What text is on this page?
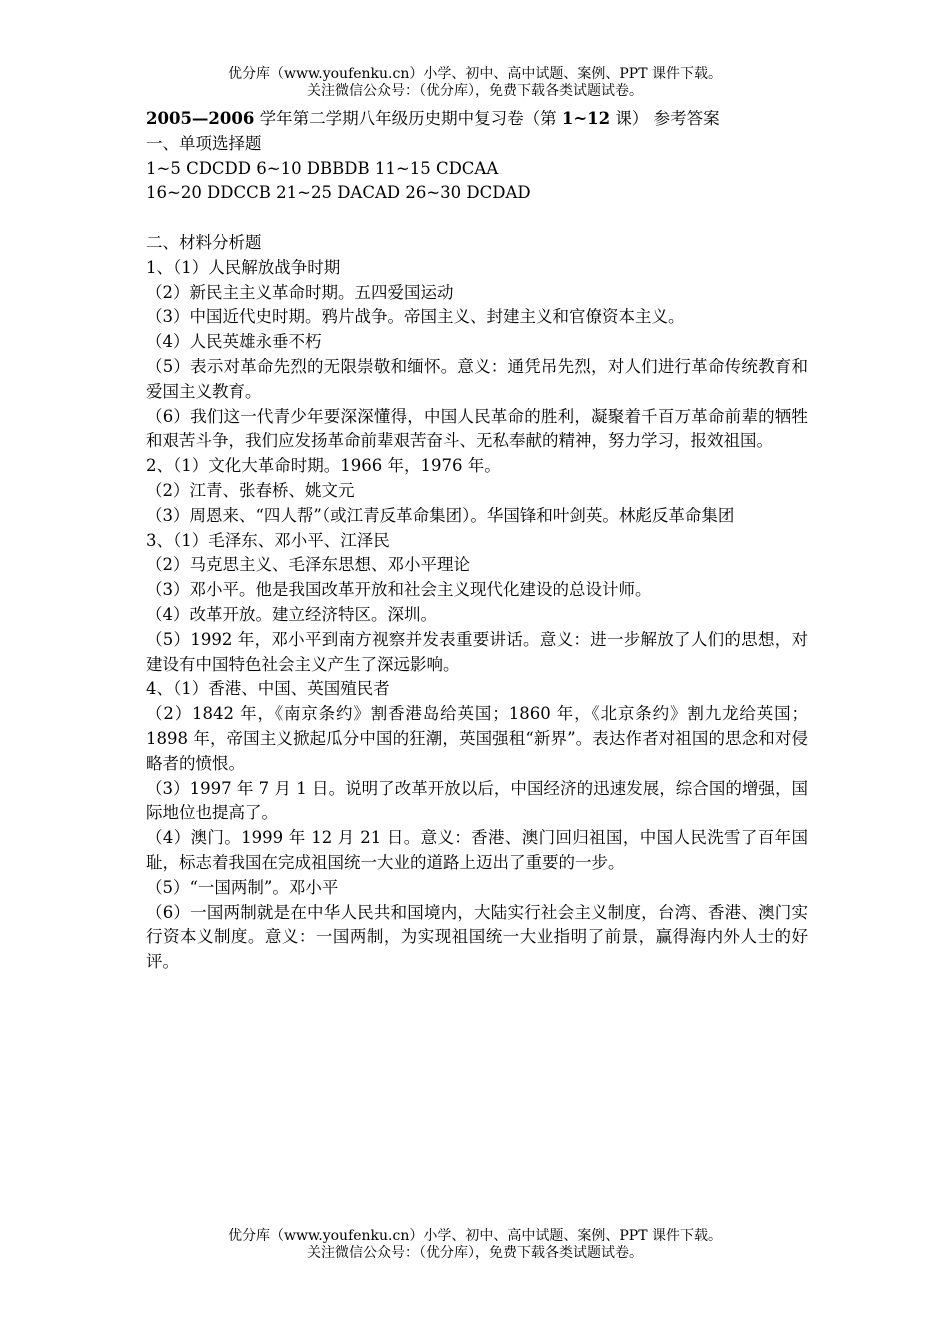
优分库（www.youfenku.cn）小学、初中、高中试题、案例、PPT 课件下载。
关注微信公众号：（优分库），免费下载各类试题试卷。

2005—2006 学年第二学期八年级历史期中复习卷（第 1~12 课） 参考答案

一、单项选择题

1~5 CDCDD 6~10 DBBDB 11~15 CDCAA

16~20 DDCCB 21~25 DACAD 26~30 DCDAD

二、材料分析题

1、（1）人民解放战争时期

（2）新民主主义革命时期。五四爱国运动

（3）中国近代史时期。鸦片战争。帝国主义、封建主义和官僚资本主义。

（4）人民英雄永垂不朽

（5）表示对革命先烈的无限崇敬和缅怀。意义：通凭吊先烈，对人们进行革命传统教育和爱国主义教育。

（6）我们这一代青少年要深深懂得，中国人民革命的胜利，凝聚着千百万革命前辈的牺牲和艰苦斗争，我们应发扬革命前辈艰苦奋斗、无私奉献的精神，努力学习，报效祖国。

2、（1）文化大革命时期。1966 年，1976 年。

（2）江青、张春桥、姚文元

（3）周恩来、“四人帮”（或江青反革命集团）。华国锋和叶剑英。林彪反革命集团

3、（1）毛泽东、邓小平、江泽民

（2）马克思主义、毛泽东思想、邓小平理论

（3）邓小平。他是我国改革开放和社会主义现代化建设的总设计师。

（4）改革开放。建立经济特区。深圳。

（5）1992 年，邓小平到南方视察并发表重要讲话。意义：进一步解放了人们的思想，对建设有中国特色社会主义产生了深远影响。

4、（1）香港、中国、英国殖民者

（2）1842 年，《南京条约》割香港岛给英国；1860 年，《北京条约》割九龙给英国；1898 年，帝国主义掀起瓜分中国的狂潮，英国强租“新界”。表达作者对祖国的思念和对侵略者的愤恨。

（3）1997 年 7 月 1 日。说明了改革开放以后，中国经济的迅速发展，综合国的增强，国际地位也提高了。

（4）澳门。1999 年 12 月 21 日。意义：香港、澳门回归祖国，中国人民洗雪了百年国耻，标志着我国在完成祖国统一大业的道路上迈出了重要的一步。

（5）“一国两制”。邓小平

（6）一国两制就是在中华人民共和国境内，大陆实行社会主义制度，台湾、香港、澳门实行资本义制度。意义：一国两制，为实现祖国统一大业指明了前景，赢得海内外人士的好评。

优分库（www.youfenku.cn）小学、初中、高中试题、案例、PPT 课件下载。
关注微信公众号：（优分库），免费下载各类试题试卷。
